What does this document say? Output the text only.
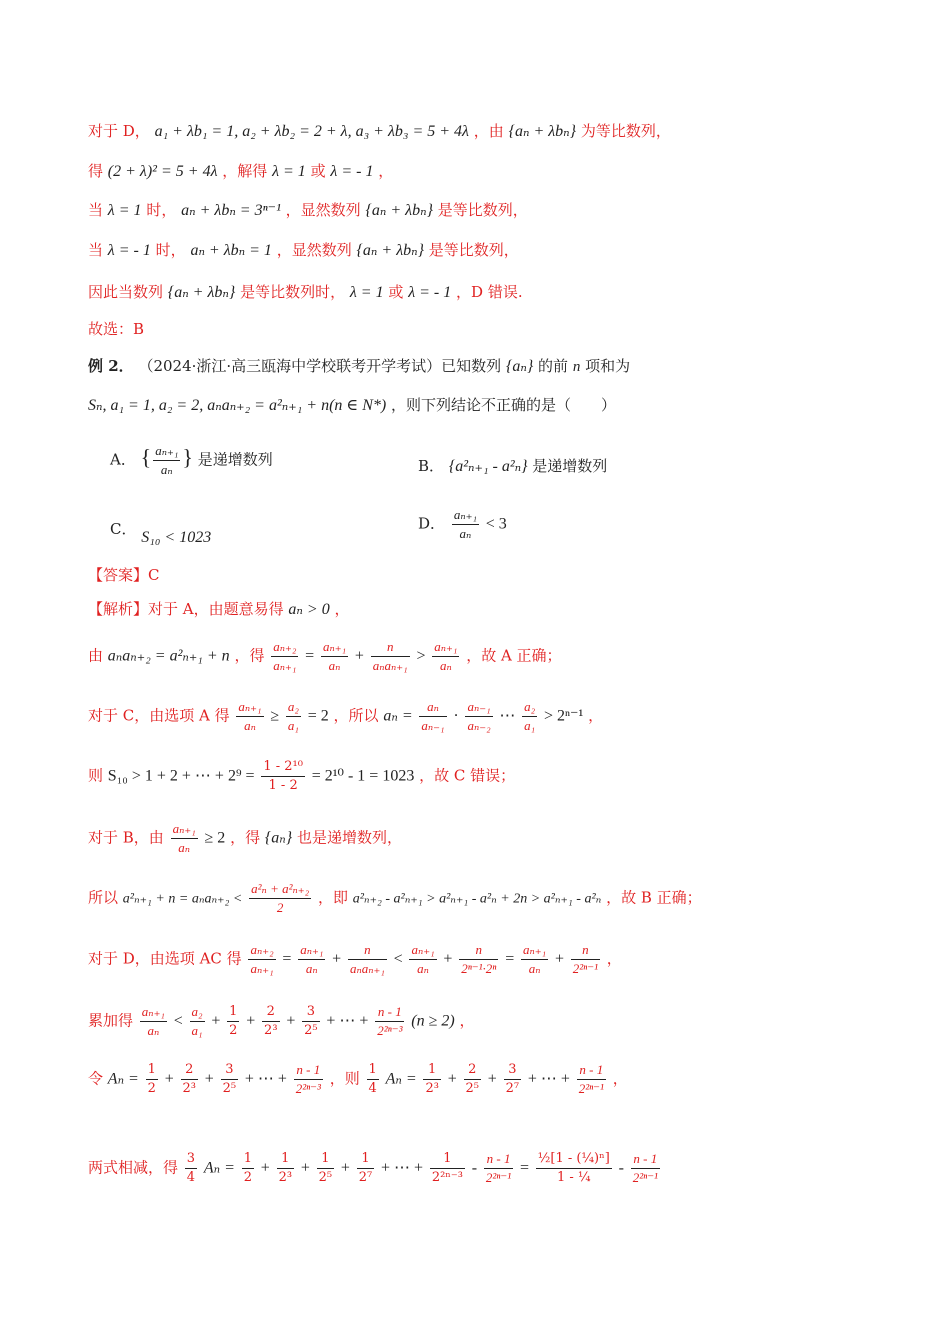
对于 D， a₁ + λb₁ = 1, a₂ + λb₂ = 2 + λ, a₃ + λb₃ = 5 + 4λ ，由 {aₙ + λbₙ} 为等比数列，
得 (2 + λ)² = 5 + 4λ ，解得 λ = 1 或 λ = - 1 ，
当 λ = 1 时， aₙ + λbₙ = 3ⁿ⁻¹ ，显然数列 {aₙ + λbₙ} 是等比数列，
当 λ = - 1 时， aₙ + λbₙ = 1 ，显然数列 {aₙ + λbₙ} 是等比数列，
因此当数列 {aₙ + λbₙ} 是等比数列时， λ = 1 或 λ = - 1 ，D 错误.
故选：B
例 2． （2024·浙江·高三瓯海中学校联考开学考试）已知数列 {aₙ} 的前 n 项和为
Sₙ, a₁ = 1, a₂ = 2, aₙaₙ₊₂ = a²ₙ₊₁ + n(n ∈ N*) ，则下列结论不正确的是（　　）
A． { $\frac{\text{aₙ₊₁}}{\text{aₙ}}$ } 是递增数列	B． {a²ₙ₊₁ - a²ₙ} 是递增数列
C． S₁₀ < 1023
D． $\frac{\text{aₙ₊₁}}{\text{aₙ}} < 3$
【答案】C
【解析】对于 A，由题意易得 aₙ > 0 ，
由 aₙaₙ₊₂ = a²ₙ₊₁ + n ，得 $\frac{\text{aₙ₊₂}}{\text{aₙ₊₁}} = \frac{\text{aₙ₊₁}}{\text{aₙ}} + \frac{n}{\text{aₙaₙ₊₁}} > \frac{\text{aₙ₊₁}}{\text{aₙ}}$ ，故 A 正确；
对于 C，由选项 A 得 $\frac{\text{aₙ₊₁}}{\text{aₙ}} \ge \frac{\text{a₂}}{\text{a₁}} = 2$ ，所以 $a_n = \frac{\text{aₙ}}{\text{aₙ₋₁}} \cdot \frac{\text{aₙ₋₁}}{\text{aₙ₋₂}}$ ⋯ $\frac{\text{a₂}}{\text{a₁}} > 2^{n-1}$ ，
则 S₁₀ > 1 + 2 + ⋯ + $2^9 = \frac{\text{1 - 2¹⁰}}{1 - 2} = 2^{10} - 1 = 1023$ ，故 C 错误；
对于 B，由 $\frac{\text{aₙ₊₁}}{\text{aₙ}} \ge 2$ ，得 {aₙ} 也是递增数列，
所以 $a^2_{n+1} + n = a_na_{n+2} < \frac{\text{a²ₙ + a²ₙ₊₂}}{2}$ ，即 a²ₙ₊₂ - a²ₙ₊₁ > a²ₙ₊₁ - a²ₙ + 2n > a²ₙ₊₁ - a²ₙ ，故 B 正确；
对于 D，由选项 AC 得 $\frac{\text{aₙ₊₂}}{\text{aₙ₊₁}} = \frac{\text{aₙ₊₁}}{\text{aₙ}} + \frac{n}{\text{aₙaₙ₊₁}} < \frac{\text{aₙ₊₁}}{\text{aₙ}} + \frac{n}{\text{2ⁿ⁻¹·2ⁿ}} = \frac{\text{aₙ₊₁}}{\text{aₙ}} + \frac{n}{\text{2²ⁿ⁻¹}}$ ，
累加得 $\frac{\text{aₙ₊₁}}{\text{aₙ}} < \frac{\text{a₂}}{\text{a₁}} + \frac{1}{2} + \frac{2}{\text{2³}} + \frac{3}{\text{2⁵}}$ + ⋯ + $\frac{n - 1}{\text{2²ⁿ⁻³}} (n \ge 2)$ ，
令 $A_n = \frac{1}{2} + \frac{2}{\text{2³}} + \frac{3}{\text{2⁵}}$ + ⋯ + $\frac{n - 1}{\text{2²ⁿ⁻³}}$ ，则 $\frac{1}{4}$ $A_n = \frac{1}{\text{2³}} + \frac{2}{\text{2⁵}} + \frac{3}{\text{2⁷}}$ + ⋯ + $\frac{n - 1}{\text{2²ⁿ⁻¹}}$ ，
两式相减，得 $\frac{3}{4}$ $A_n = \frac{1}{2} + \frac{1}{\text{2³}} + \frac{1}{\text{2⁵}} + \frac{1}{\text{2⁷}}$ + ⋯ + $\frac{1}{\text{2²ⁿ⁻³}} - \frac{n - 1}{\text{2²ⁿ⁻¹}} = \frac{\text{½[1 - (¼)ⁿ]}}{\text{1 - ¼}} - \frac{n - 1}{\text{2²ⁿ⁻¹}}$
